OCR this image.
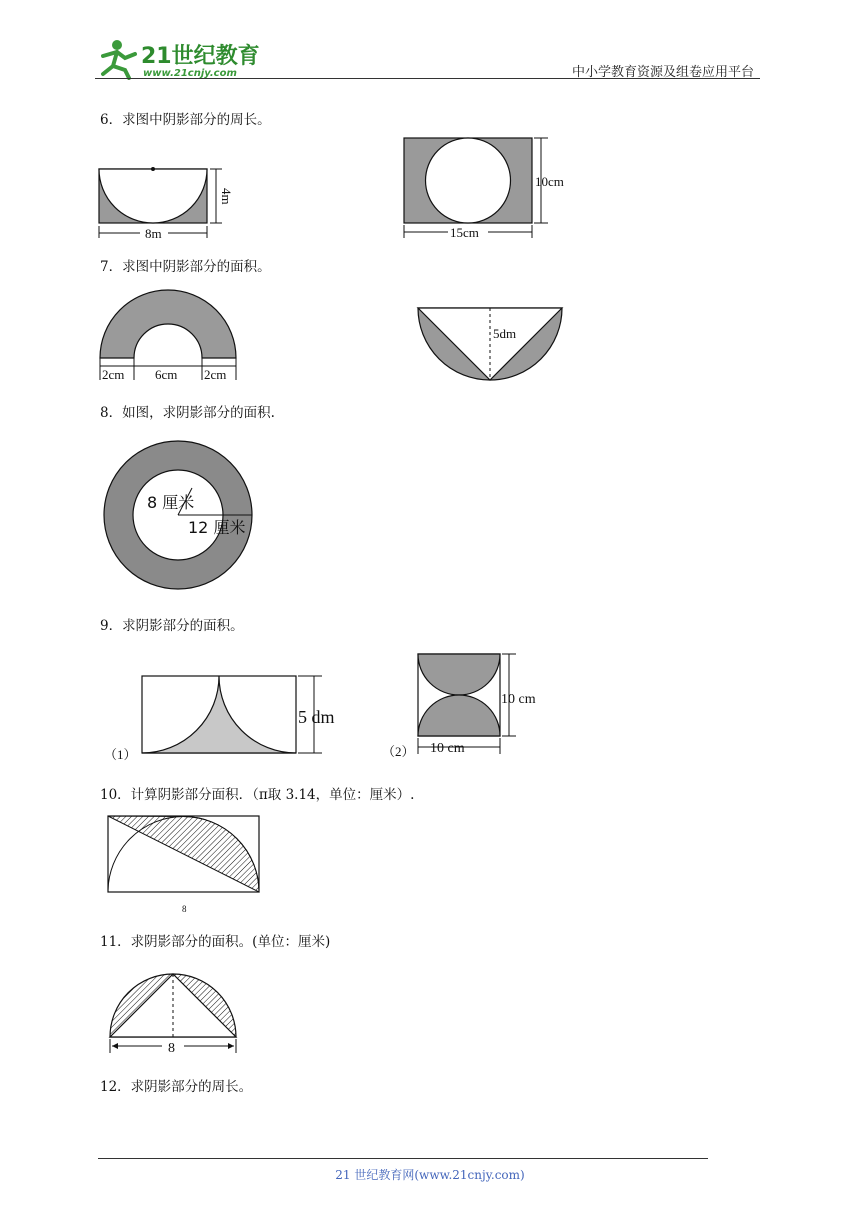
21世纪教育
www.21cnjy.com	中小学教育资源及组卷应用平台
6．求图中阴影部分的周长。
8m
4m
10cm
15cm
7．求图中阴影部分的面积。
2cm 6cm 2cm
5dm
8．如图，求阴影部分的面积.
8 厘米
12 厘米
9．求阴影部分的面积。
（1）
5 dm
（2）
10 cm
10 cm
10．计算阴影部分面积．（π取 3.14，单位：厘米）.
8
11．求阴影部分的面积。(单位：厘米)
8
12．求阴影部分的周长。
21 世纪教育网(www.21cnjy.com)
